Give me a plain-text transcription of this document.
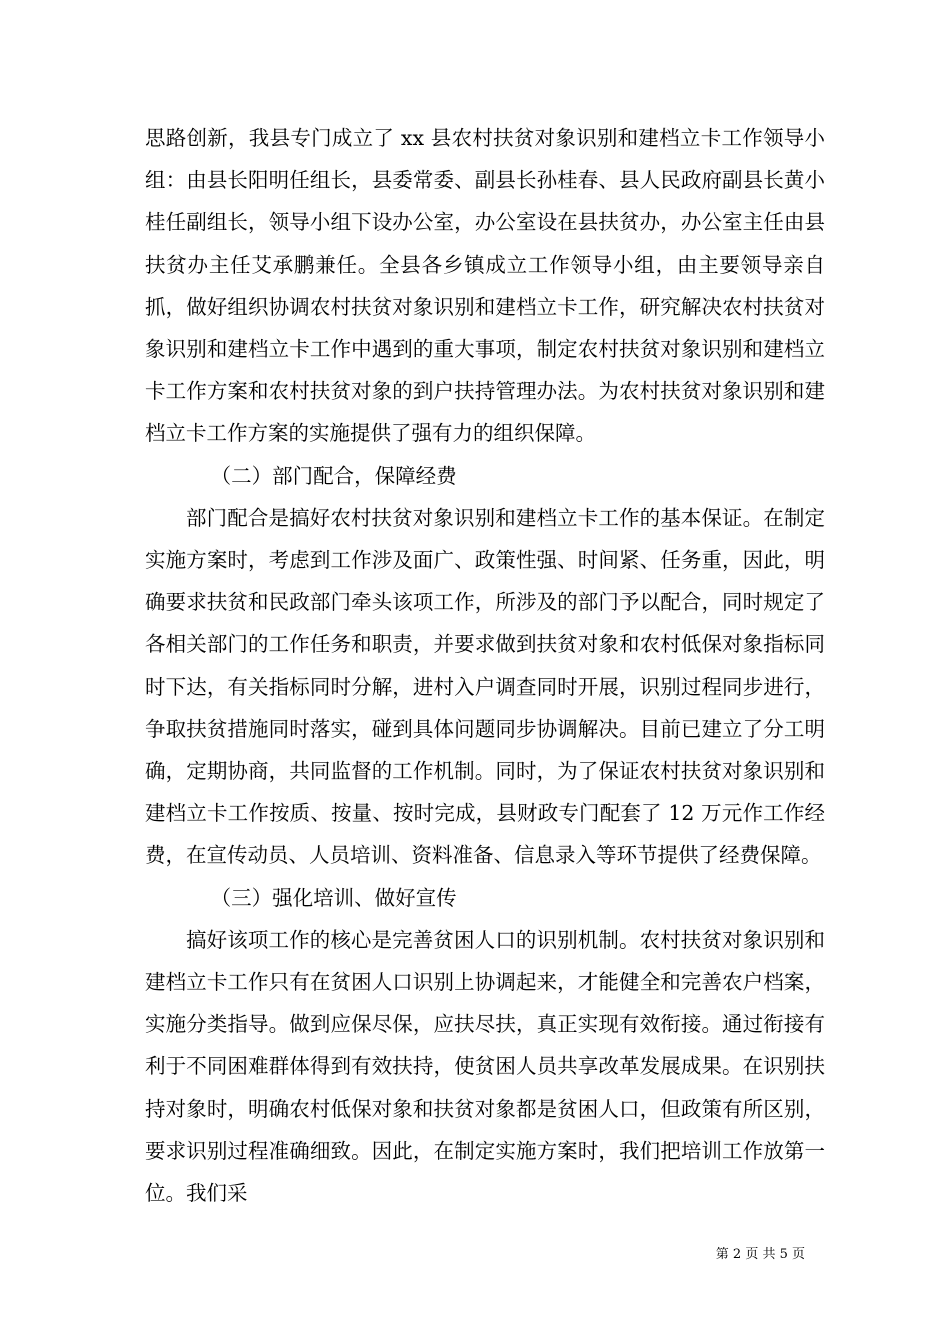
思路创新，我县专门成立了 xx 县农村扶贫对象识别和建档立卡工作领导小组：由县长阳明任组长，县委常委、副县长孙桂春、县人民政府副县长黄小桂任副组长，领导小组下设办公室，办公室设在县扶贫办，办公室主任由县扶贫办主任艾承鹏兼任。全县各乡镇成立工作领导小组，由主要领导亲自抓，做好组织协调农村扶贫对象识别和建档立卡工作，研究解决农村扶贫对象识别和建档立卡工作中遇到的重大事项，制定农村扶贫对象识别和建档立卡工作方案和农村扶贫对象的到户扶持管理办法。为农村扶贫对象识别和建档立卡工作方案的实施提供了强有力的组织保障。

（二）部门配合，保障经费

部门配合是搞好农村扶贫对象识别和建档立卡工作的基本保证。在制定实施方案时，考虑到工作涉及面广、政策性强、时间紧、任务重，因此，明确要求扶贫和民政部门牵头该项工作，所涉及的部门予以配合，同时规定了各相关部门的工作任务和职责，并要求做到扶贫对象和农村低保对象指标同时下达，有关指标同时分解，进村入户调查同时开展，识别过程同步进行，争取扶贫措施同时落实，碰到具体问题同步协调解决。目前已建立了分工明确，定期协商，共同监督的工作机制。同时，为了保证农村扶贫对象识别和建档立卡工作按质、按量、按时完成，县财政专门配套了 12 万元作工作经费，在宣传动员、人员培训、资料准备、信息录入等环节提供了经费保障。

（三）强化培训、做好宣传

搞好该项工作的核心是完善贫困人口的识别机制。农村扶贫对象识别和建档立卡工作只有在贫困人口识别上协调起来，才能健全和完善农户档案，实施分类指导。做到应保尽保，应扶尽扶，真正实现有效衔接。通过衔接有利于不同困难群体得到有效扶持，使贫困人员共享改革发展成果。在识别扶持对象时，明确农村低保对象和扶贫对象都是贫困人口，但政策有所区别，要求识别过程准确细致。因此，在制定实施方案时，我们把培训工作放第一位。我们采

第 2 页 共 5 页
